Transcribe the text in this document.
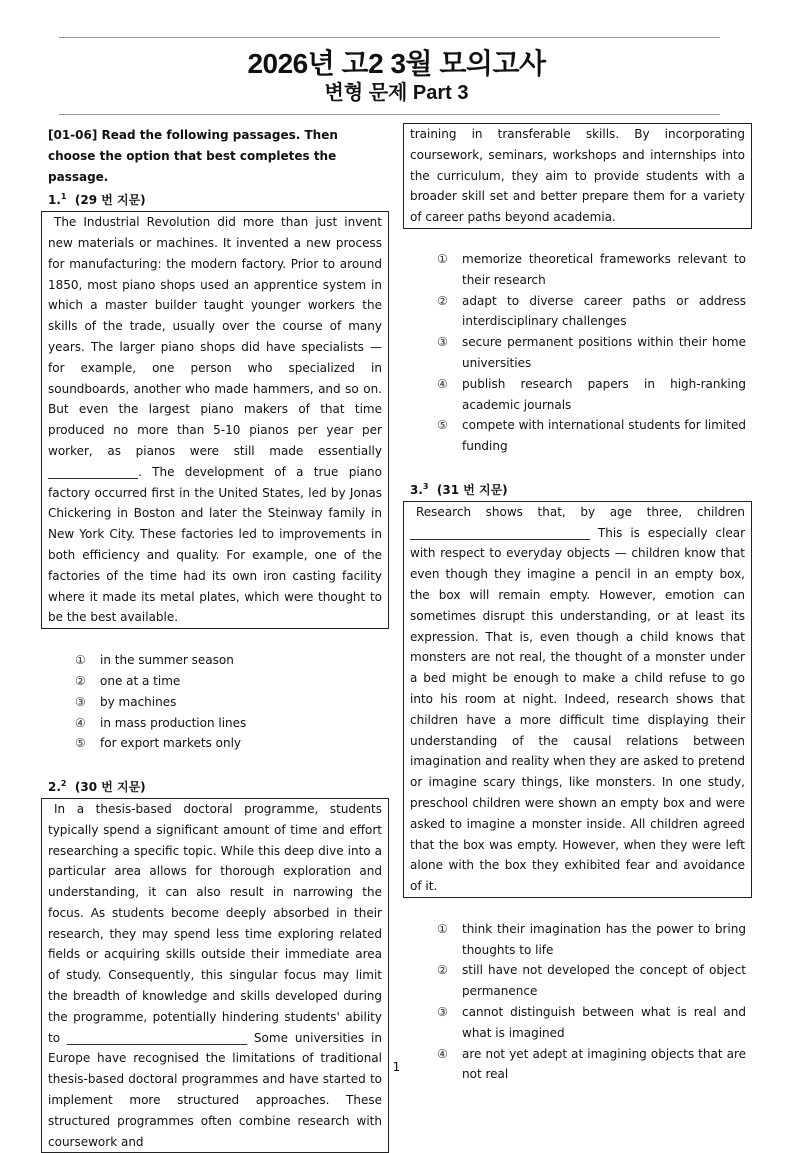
2026년 고2 3월 모의고사
변형 문제 Part 3
[01-06] Read the following passages. Then choose the option that best completes the passage.
1.$^1$ (29 번 지문)
The Industrial Revolution did more than just invent new materials or machines. It invented a new process for manufacturing: the modern factory. Prior to around 1850, most piano shops used an apprentice system in which a master builder taught younger workers the skills of the trade, usually over the course of many years. The larger piano shops did have specialists — for example, one person who specialized in soundboards, another who made hammers, and so on. But even the largest piano makers of that time produced no more than 5-10 pianos per year per worker, as pianos were still made essentially _______________. The development of a true piano factory occurred first in the United States, led by Jonas Chickering in Boston and later the Steinway family in New York City. These factories led to improvements in both efficiency and quality. For example, one of the factories of the time had its own iron casting facility where it made its metal plates, which were thought to be the best available.
①	in the summer season
②	one at a time
③	by machines
④	in mass production lines
⑤	for export markets only
2.$^2$ (30 번 지문)
In a thesis-based doctoral programme, students typically spend a significant amount of time and effort researching a specific topic. While this deep dive into a particular area allows for thorough exploration and understanding, it can also result in narrowing the focus. As students become deeply absorbed in their research, they may spend less time exploring related fields or acquiring skills outside their immediate area of study. Consequently, this singular focus may limit the breadth of knowledge and skills developed during the programme, potentially hindering students' ability to ______________________________ Some universities in Europe have recognised the limitations of traditional thesis-based doctoral programmes and have started to implement more structured approaches. These structured programmes often combine research with coursework and
training in transferable skills. By incorporating coursework, seminars, workshops and internships into the curriculum, they aim to provide students with a broader skill set and better prepare them for a variety of career paths beyond academia.
①	memorize theoretical frameworks relevant to their research
②	adapt to diverse career paths or address interdisciplinary challenges
③	secure permanent positions within their home universities
④	publish research papers in high-ranking academic journals
⑤	compete with international students for limited funding
3.$^3$ (31 번 지문)
Research shows that, by age three, children ______________________________ This is especially clear with respect to everyday objects — children know that even though they imagine a pencil in an empty box, the box will remain empty. However, emotion can sometimes disrupt this understanding, or at least its expression. That is, even though a child knows that monsters are not real, the thought of a monster under a bed might be enough to make a child refuse to go into his room at night. Indeed, research shows that children have a more difficult time displaying their understanding of the causal relations between imagination and reality when they are asked to pretend or imagine scary things, like monsters. In one study, preschool children were shown an empty box and were asked to imagine a monster inside. All children agreed that the box was empty. However, when they were left alone with the box they exhibited fear and avoidance of it.
①	think their imagination has the power to bring thoughts to life
②	still have not developed the concept of object permanence
③	cannot distinguish between what is real and what is imagined
④	are not yet adept at imagining objects that are not real
1
